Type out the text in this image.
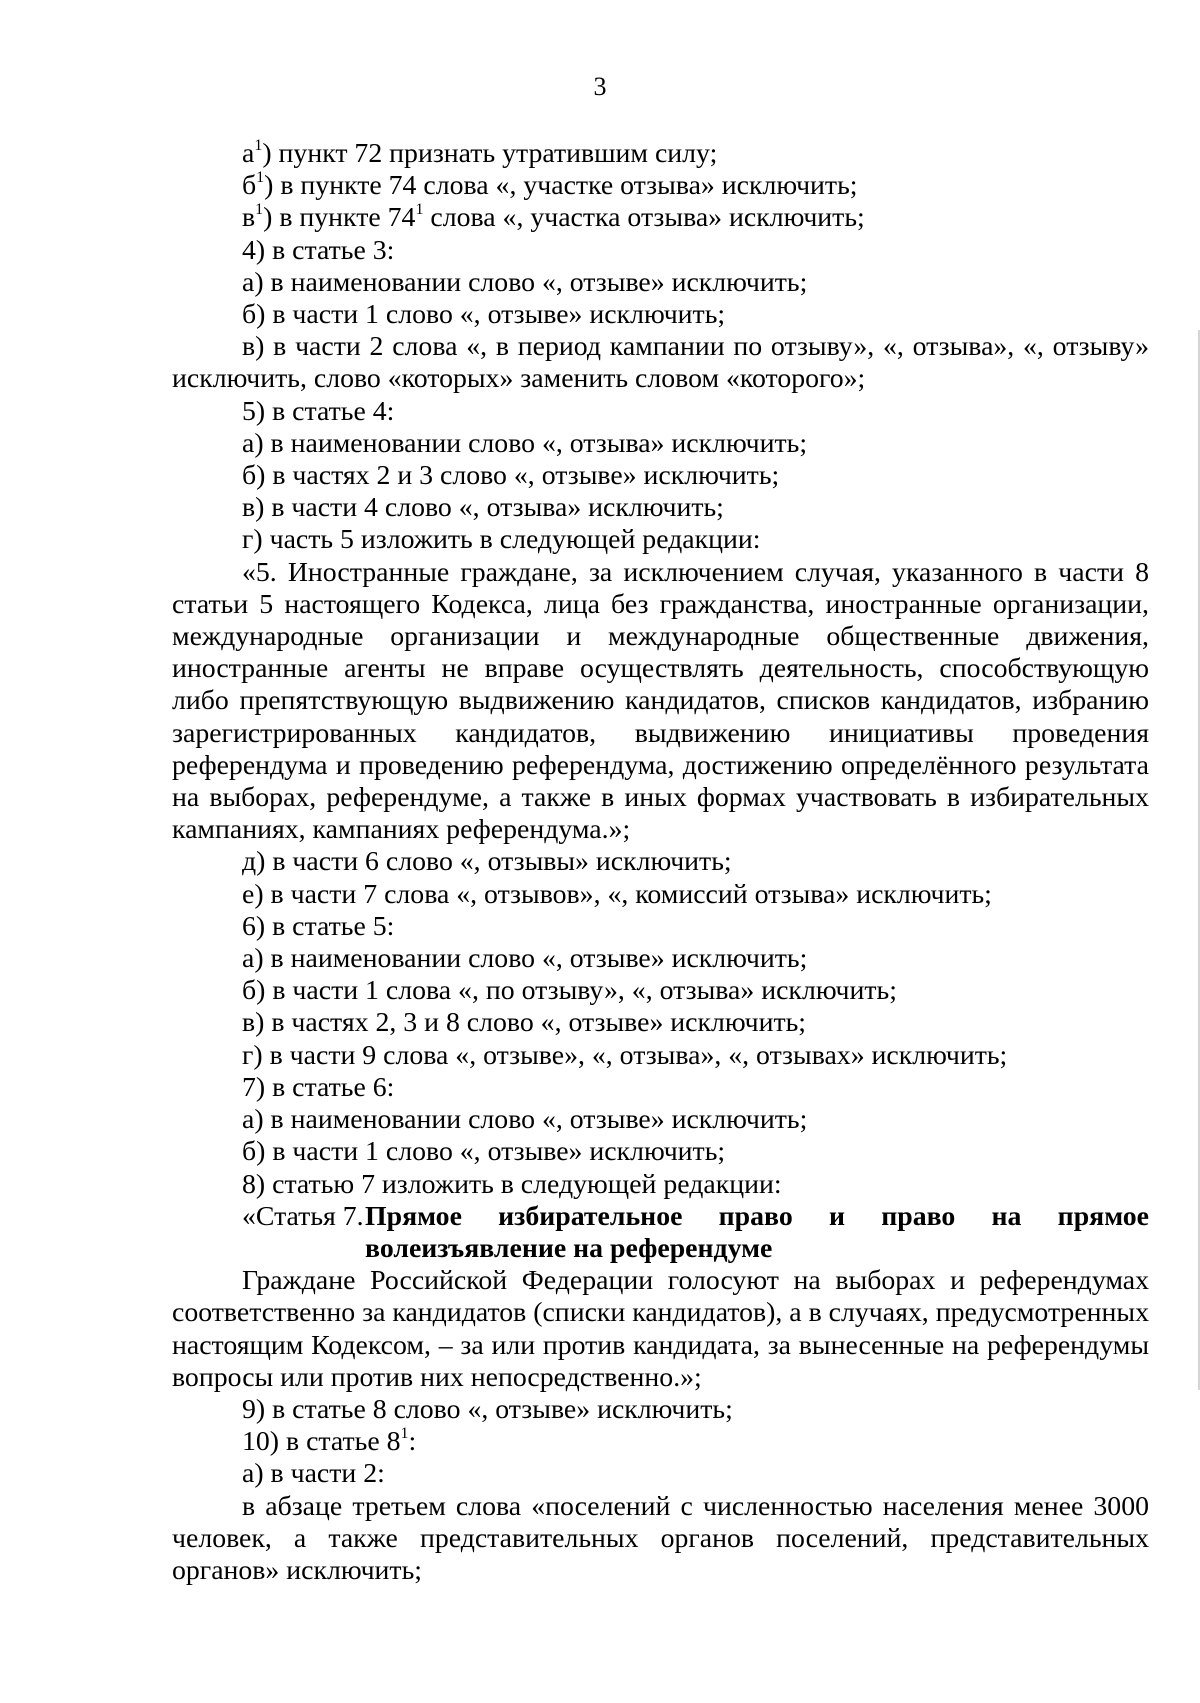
3

$а^1$) пункт 72 признать утратившим силу;

$б^1$) в пункте 74 слова «, участке отзыва» исключить;

$в^1$) в пункте $74^1$ слова «, участка отзыва» исключить;

4) в статье 3:

а) в наименовании слово «, отзыве» исключить;

б) в части 1 слово «, отзыве» исключить;

в) в части 2 слова «, в период кампании по отзыву», «, отзыва», «, отзыву» исключить, слово «которых» заменить словом «которого»;

5) в статье 4:

а) в наименовании слово «, отзыва» исключить;

б) в частях 2 и 3 слово «, отзыве» исключить;

в) в части 4 слово «, отзыва» исключить;

г) часть 5 изложить в следующей редакции:

«5. Иностранные граждане, за исключением случая, указанного в части 8 статьи 5 настоящего Кодекса, лица без гражданства, иностранные организации, международные организации и международные общественные движения, иностранные агенты не вправе осуществлять деятельность, способствующую либо препятствующую выдвижению кандидатов, списков кандидатов, избранию зарегистрированных кандидатов, выдвижению инициативы проведения референдума и проведению референдума, достижению определённого результата на выборах, референдуме, а также в иных формах участвовать в избирательных кампаниях, кампаниях референдума.»;

д) в части 6 слово «, отзывы» исключить;

е) в части 7 слова «, отзывов», «, комиссий отзыва» исключить;

6) в статье 5:

а) в наименовании слово «, отзыве» исключить;

б) в части 1 слова «, по отзыву», «, отзыва» исключить;

в) в частях 2, 3 и 8 слово «, отзыве» исключить;

г) в части 9 слова «, отзыве», «, отзыва», «, отзывах» исключить;

7) в статье 6:

а) в наименовании слово «, отзыве» исключить;

б) в части 1 слово «, отзыве» исключить;

8) статью 7 изложить в следующей редакции:

«Статья 7. Прямое избирательное право и право на прямое
волеизъявление на референдуме

Граждане Российской Федерации голосуют на выборах и референдумах соответственно за кандидатов (списки кандидатов), а в случаях, предусмотренных настоящим Кодексом, – за или против кандидата, за вынесенные на референдумы вопросы или против них непосредственно.»;

9) в статье 8 слово «, отзыве» исключить;

10) в статье $8^1$:

а) в части 2:

в абзаце третьем слова «поселений с численностью населения менее 3000 человек, а также представительных органов поселений, представительных органов» исключить;
